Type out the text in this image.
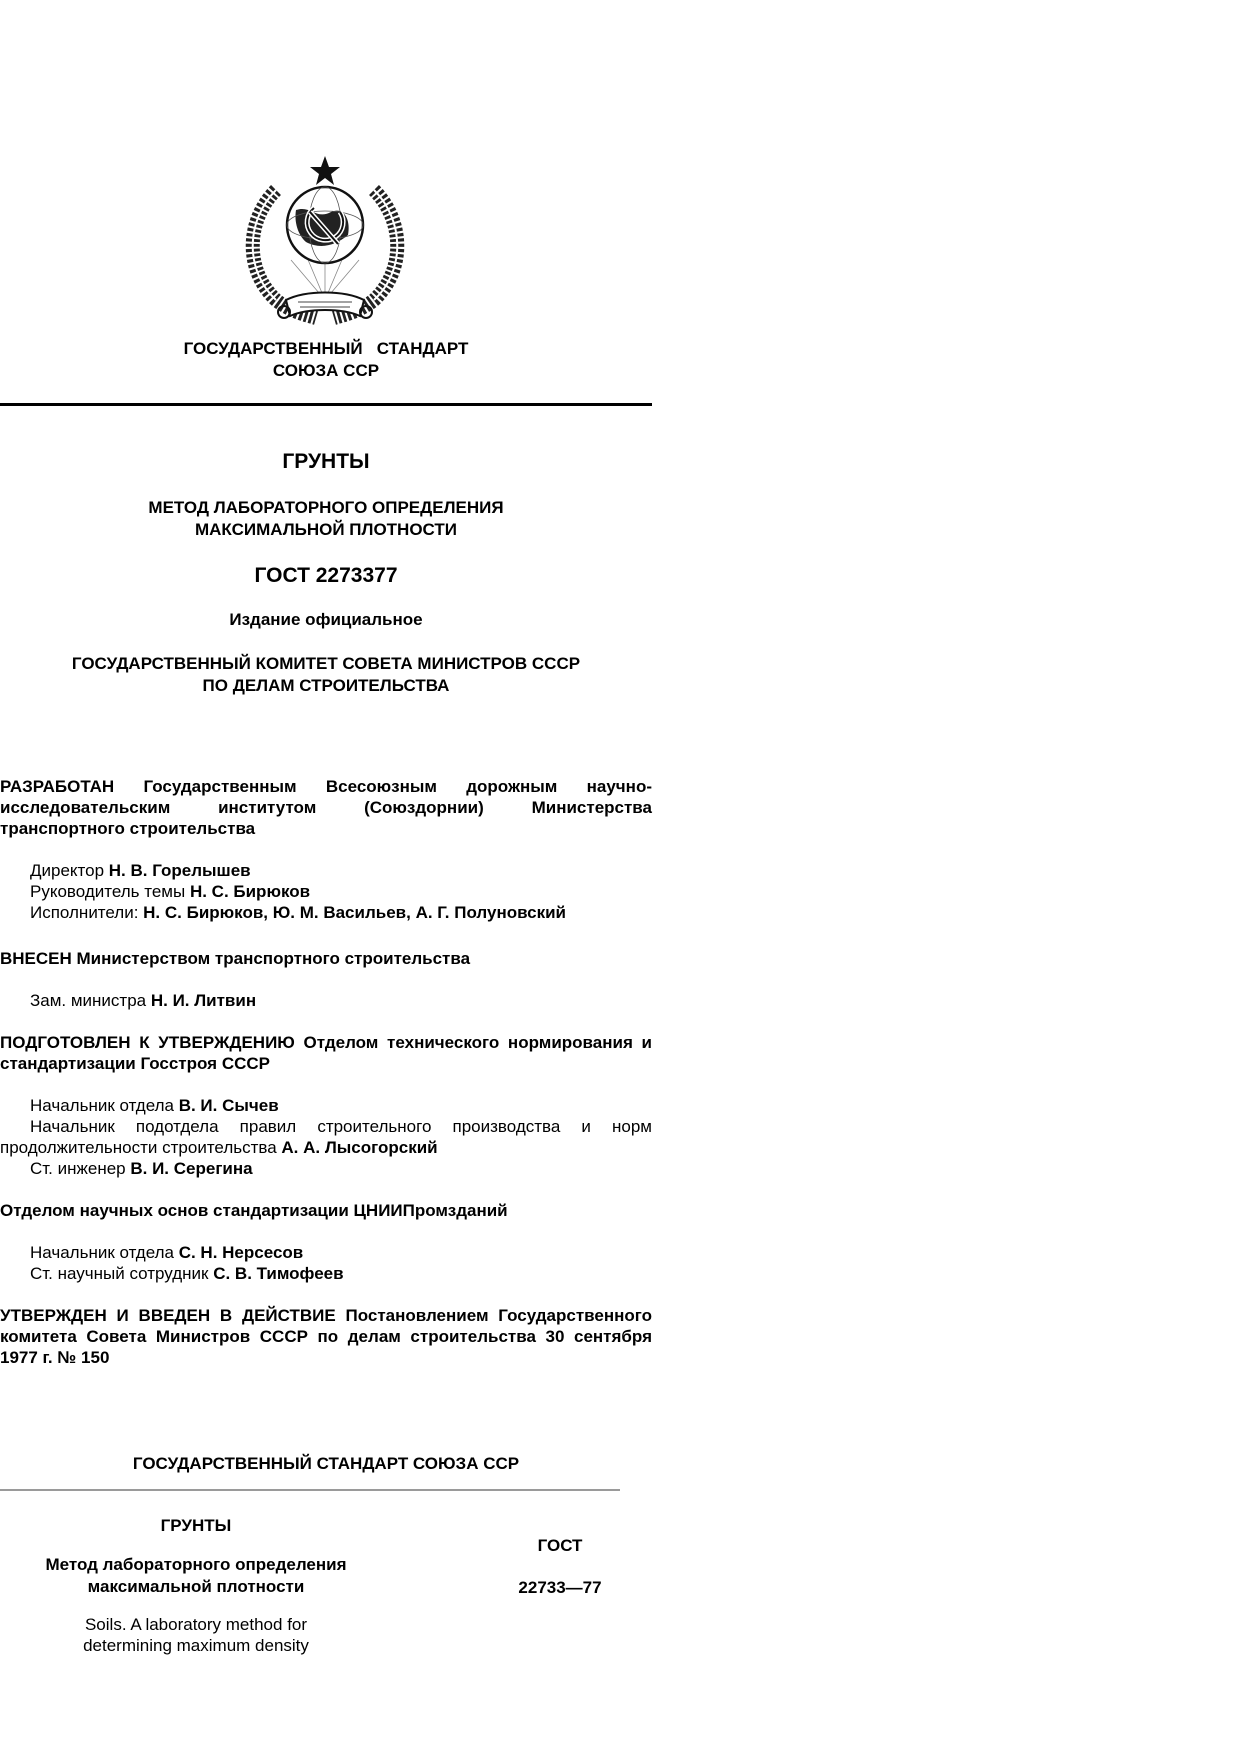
ГОСУДАРСТВЕННЫЙ СТАНДАРТ
СОЮЗА ССР
ГРУНТЫ
МЕТОД ЛАБОРАТОРНОГО ОПРЕДЕЛЕНИЯ
МАКСИМАЛЬНОЙ ПЛОТНОСТИ
ГОСТ 2273377
Издание официальное
ГОСУДАРСТВЕННЫЙ КОМИТЕТ СОВЕТА МИНИСТРОВ СССР
ПО ДЕЛАМ СТРОИТЕЛЬСТВА
РАЗРАБОТАН Государственным Всесоюзным дорожным научно-исследовательским институтом (Союздорнии) Министерства транспортного строительства
Директор Н. В. Горелышев
Руководитель темы Н. С. Бирюков
Исполнители: Н. С. Бирюков, Ю. М. Васильев, А. Г. Полуновский
ВНЕСЕН Министерством транспортного строительства
Зам. министра Н. И. Литвин
ПОДГОТОВЛЕН К УТВЕРЖДЕНИЮ Отделом технического нормирования и стандартизации Госстроя СССР
Начальник отдела В. И. Сычев
Начальник подотдела правил строительного производства и норм продолжительности строительства А. А. Лысогорский
Ст. инженер В. И. Серегина
Отделом научных основ стандартизации ЦНИИПромзданий
Начальник отдела С. Н. Нерсесов
Ст. научный сотрудник С. В. Тимофеев
УТВЕРЖДЕН И ВВЕДЕН В ДЕЙСТВИЕ Постановлением Государственного комитета Совета Министров СССР по делам строительства 30 сентября 1977 г. № 150
ГОСУДАРСТВЕННЫЙ СТАНДАРТ СОЮЗА ССР
ГРУНТЫ
Метод лабораторного определения
максимальной плотности
Soils. A laboratory method for
determining maximum density
ГОСТ
22733—77
